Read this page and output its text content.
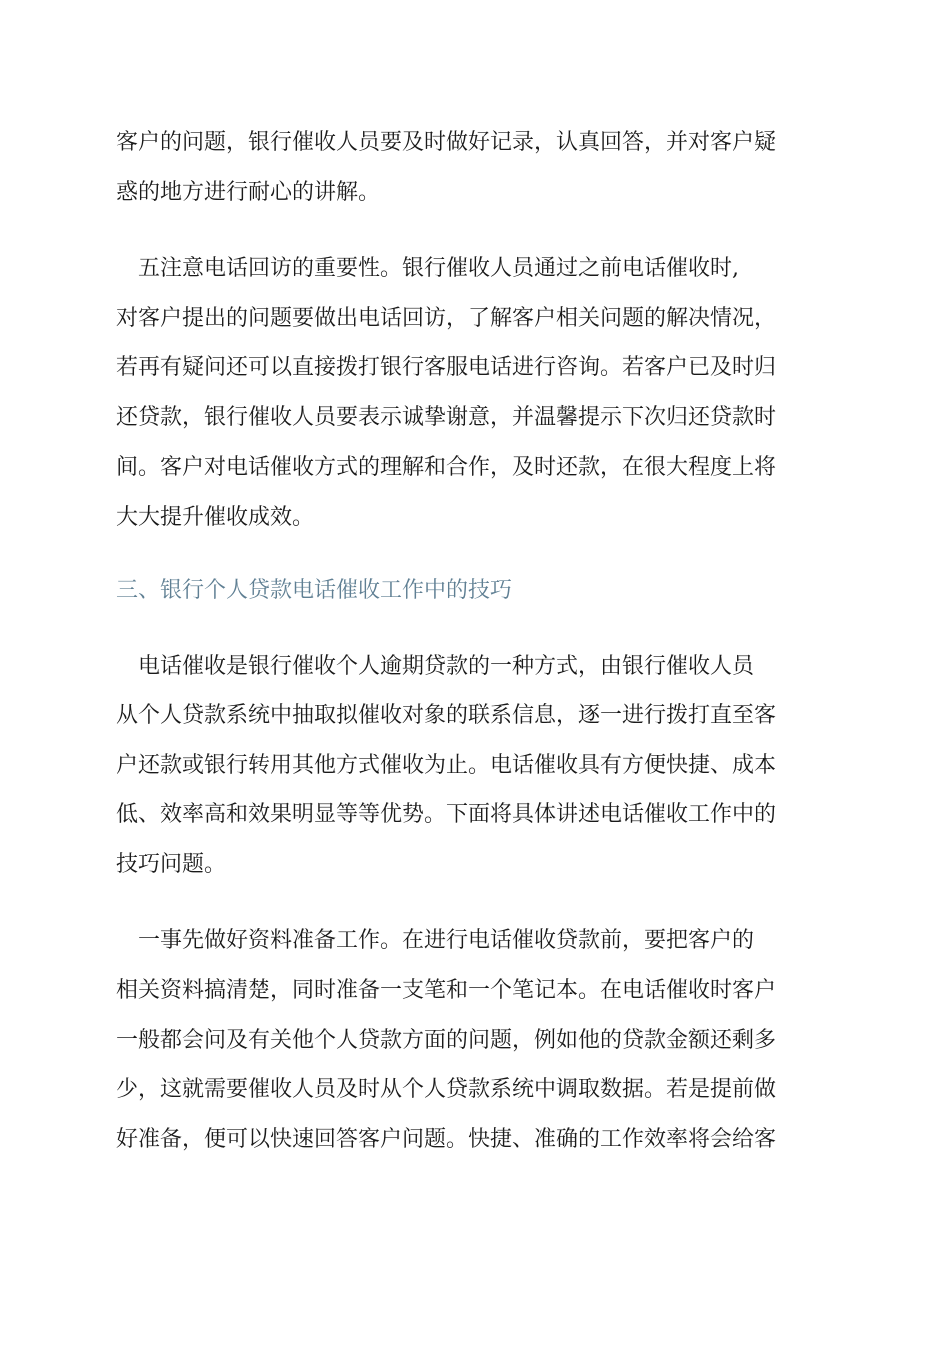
客户的问题，银行催收人员要及时做好记录，认真回答，并对客户疑
惑的地方进行耐心的讲解。
　五注意电话回访的重要性。银行催收人员通过之前电话催收时,
对客户提出的问题要做出电话回访，了解客户相关问题的解决情况，
若再有疑问还可以直接拨打银行客服电话进行咨询。若客户已及时归
还贷款，银行催收人员要表示诚挚谢意，并温馨提示下次归还贷款时
间。客户对电话催收方式的理解和合作，及时还款，在很大程度上将
大大提升催收成效。
三、银行个人贷款电话催收工作中的技巧
　电话催收是银行催收个人逾期贷款的一种方式，由银行催收人员
从个人贷款系统中抽取拟催收对象的联系信息，逐一进行拨打直至客
户还款或银行转用其他方式催收为止。电话催收具有方便快捷、成本
低、效率高和效果明显等等优势。下面将具体讲述电话催收工作中的
技巧问题。
　一事先做好资料准备工作。在进行电话催收贷款前，要把客户的
相关资料搞清楚，同时准备一支笔和一个笔记本。在电话催收时客户
一般都会问及有关他个人贷款方面的问题，例如他的贷款金额还剩多
少，这就需要催收人员及时从个人贷款系统中调取数据。若是提前做
好准备，便可以快速回答客户问题。快捷、准确的工作效率将会给客
